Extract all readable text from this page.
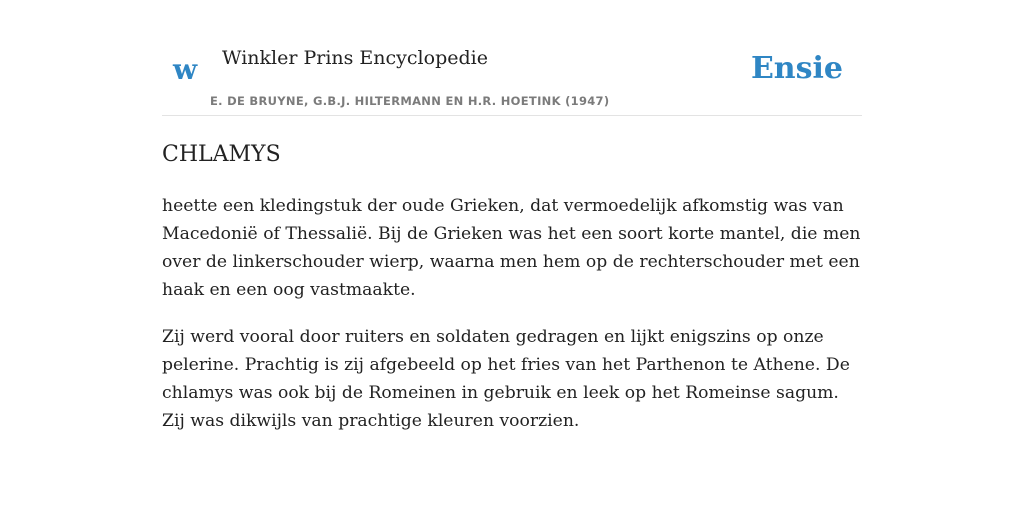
w Winkler Prins Encyclopedie
E. DE BRUYNE, G.B.J. HILTERMANN EN H.R. HOETINK (1947)
Ensie
CHLAMYS

heette een kledingstuk der oude Grieken, dat vermoedelijk afkomstig was van Macedonië of Thessalië. Bij de Grieken was het een soort korte mantel, die men over de linkerschouder wierp, waarna men hem op de rechterschouder met een haak en een oog vastmaakte.

Zij werd vooral door ruiters en soldaten gedragen en lijkt enigszins op onze pelerine. Prachtig is zij afgebeeld op het fries van het Parthenon te Athene. De chlamys was ook bij de Romeinen in gebruik en leek op het Romeinse sagum. Zij was dikwijls van prachtige kleuren voorzien.
